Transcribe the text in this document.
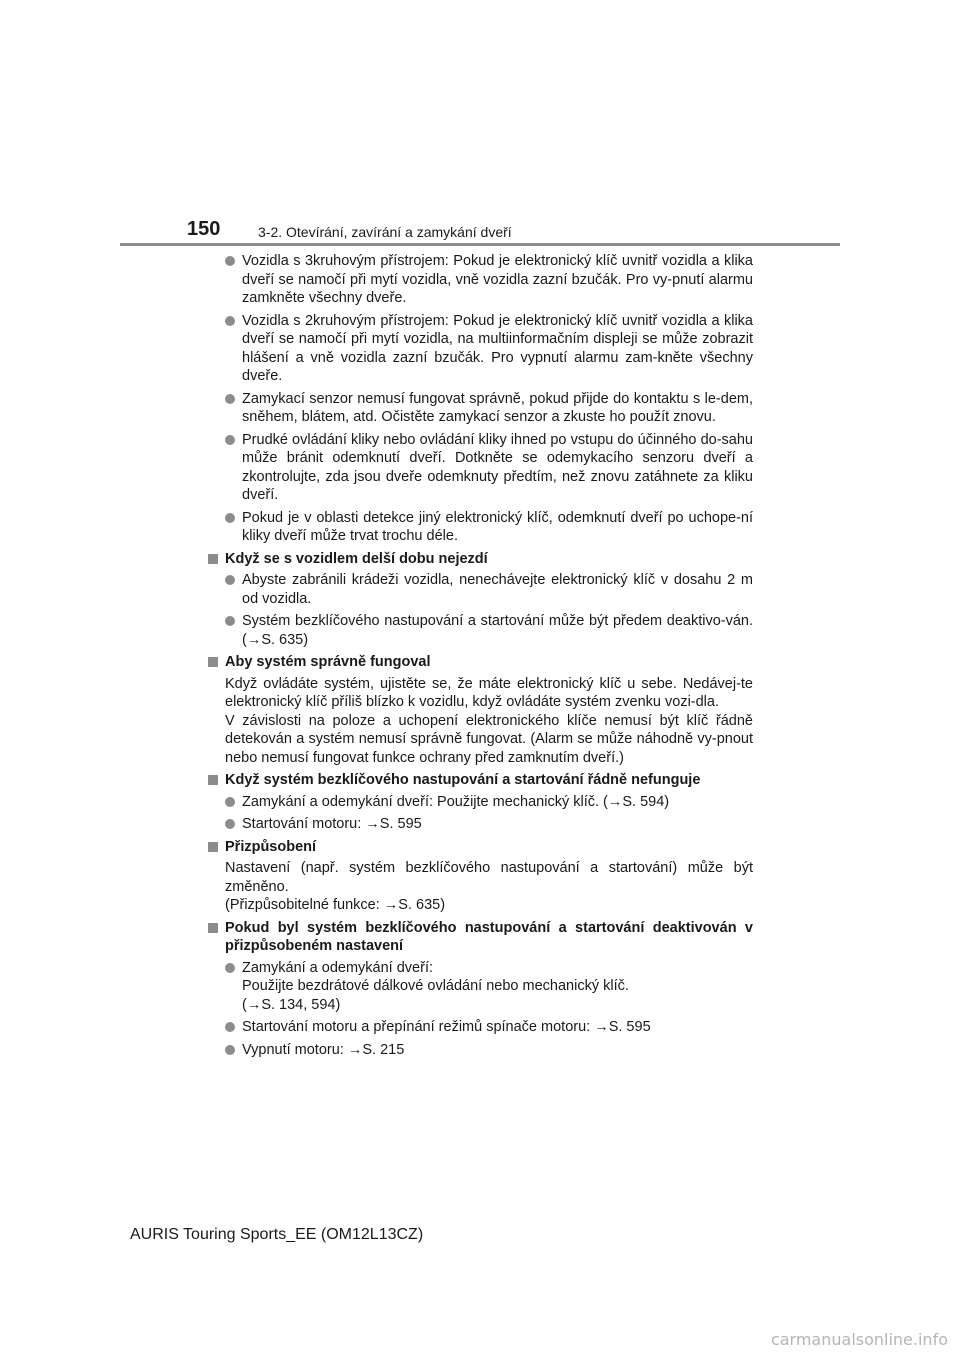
150	3-2. Otevírání, zavírání a zamykání dveří
Vozidla s 3kruhovým přístrojem: Pokud je elektronický klíč uvnitř vozidla a klika dveří se namočí při mytí vozidla, vně vozidla zazní bzučák. Pro vy-pnutí alarmu zamkněte všechny dveře.
Vozidla s 2kruhovým přístrojem: Pokud je elektronický klíč uvnitř vozidla a klika dveří se namočí při mytí vozidla, na multiinformačním displeji se může zobrazit hlášení a vně vozidla zazní bzučák. Pro vypnutí alarmu zam-kněte všechny dveře.
Zamykací senzor nemusí fungovat správně, pokud přijde do kontaktu s le-dem, sněhem, blátem, atd. Očistěte zamykací senzor a zkuste ho použít znovu.
Prudké ovládání kliky nebo ovládání kliky ihned po vstupu do účinného do-sahu může bránit odemknutí dveří. Dotkněte se odemykacího senzoru dveří a zkontrolujte, zda jsou dveře odemknuty předtím, než znovu zatáhnete za kliku dveří.
Pokud je v oblasti detekce jiný elektronický klíč, odemknutí dveří po uchope-ní kliky dveří může trvat trochu déle.
Když se s vozidlem delší dobu nejezdí
Abyste zabránili krádeži vozidla, nenechávejte elektronický klíč v dosahu 2 m od vozidla.
Systém bezklíčového nastupování a startování může být předem deaktivo-ván. (→S. 635)
Aby systém správně fungoval
Když ovládáte systém, ujistěte se, že máte elektronický klíč u sebe. Nedávej-te elektronický klíč příliš blízko k vozidlu, když ovládáte systém zvenku vozi-dla.
V závislosti na poloze a uchopení elektronického klíče nemusí být klíč řádně detekován a systém nemusí správně fungovat. (Alarm se může náhodně vy-pnout nebo nemusí fungovat funkce ochrany před zamknutím dveří.)
Když systém bezklíčového nastupování a startování řádně nefunguje
Zamykání a odemykání dveří: Použijte mechanický klíč. (→S. 594)
Startování motoru: →S. 595
Přizpůsobení
Nastavení (např. systém bezklíčového nastupování a startování) může být změněno.
(Přizpůsobitelné funkce: →S. 635)
Pokud byl systém bezklíčového nastupování a startování deaktivován v přizpůsobeném nastavení
Zamykání a odemykání dveří:
Použijte bezdrátové dálkové ovládání nebo mechanický klíč.
(→S. 134, 594)
Startování motoru a přepínání režimů spínače motoru: →S. 595
Vypnutí motoru: →S. 215
AURIS Touring Sports_EE (OM12L13CZ)
carmanualsonline.info
